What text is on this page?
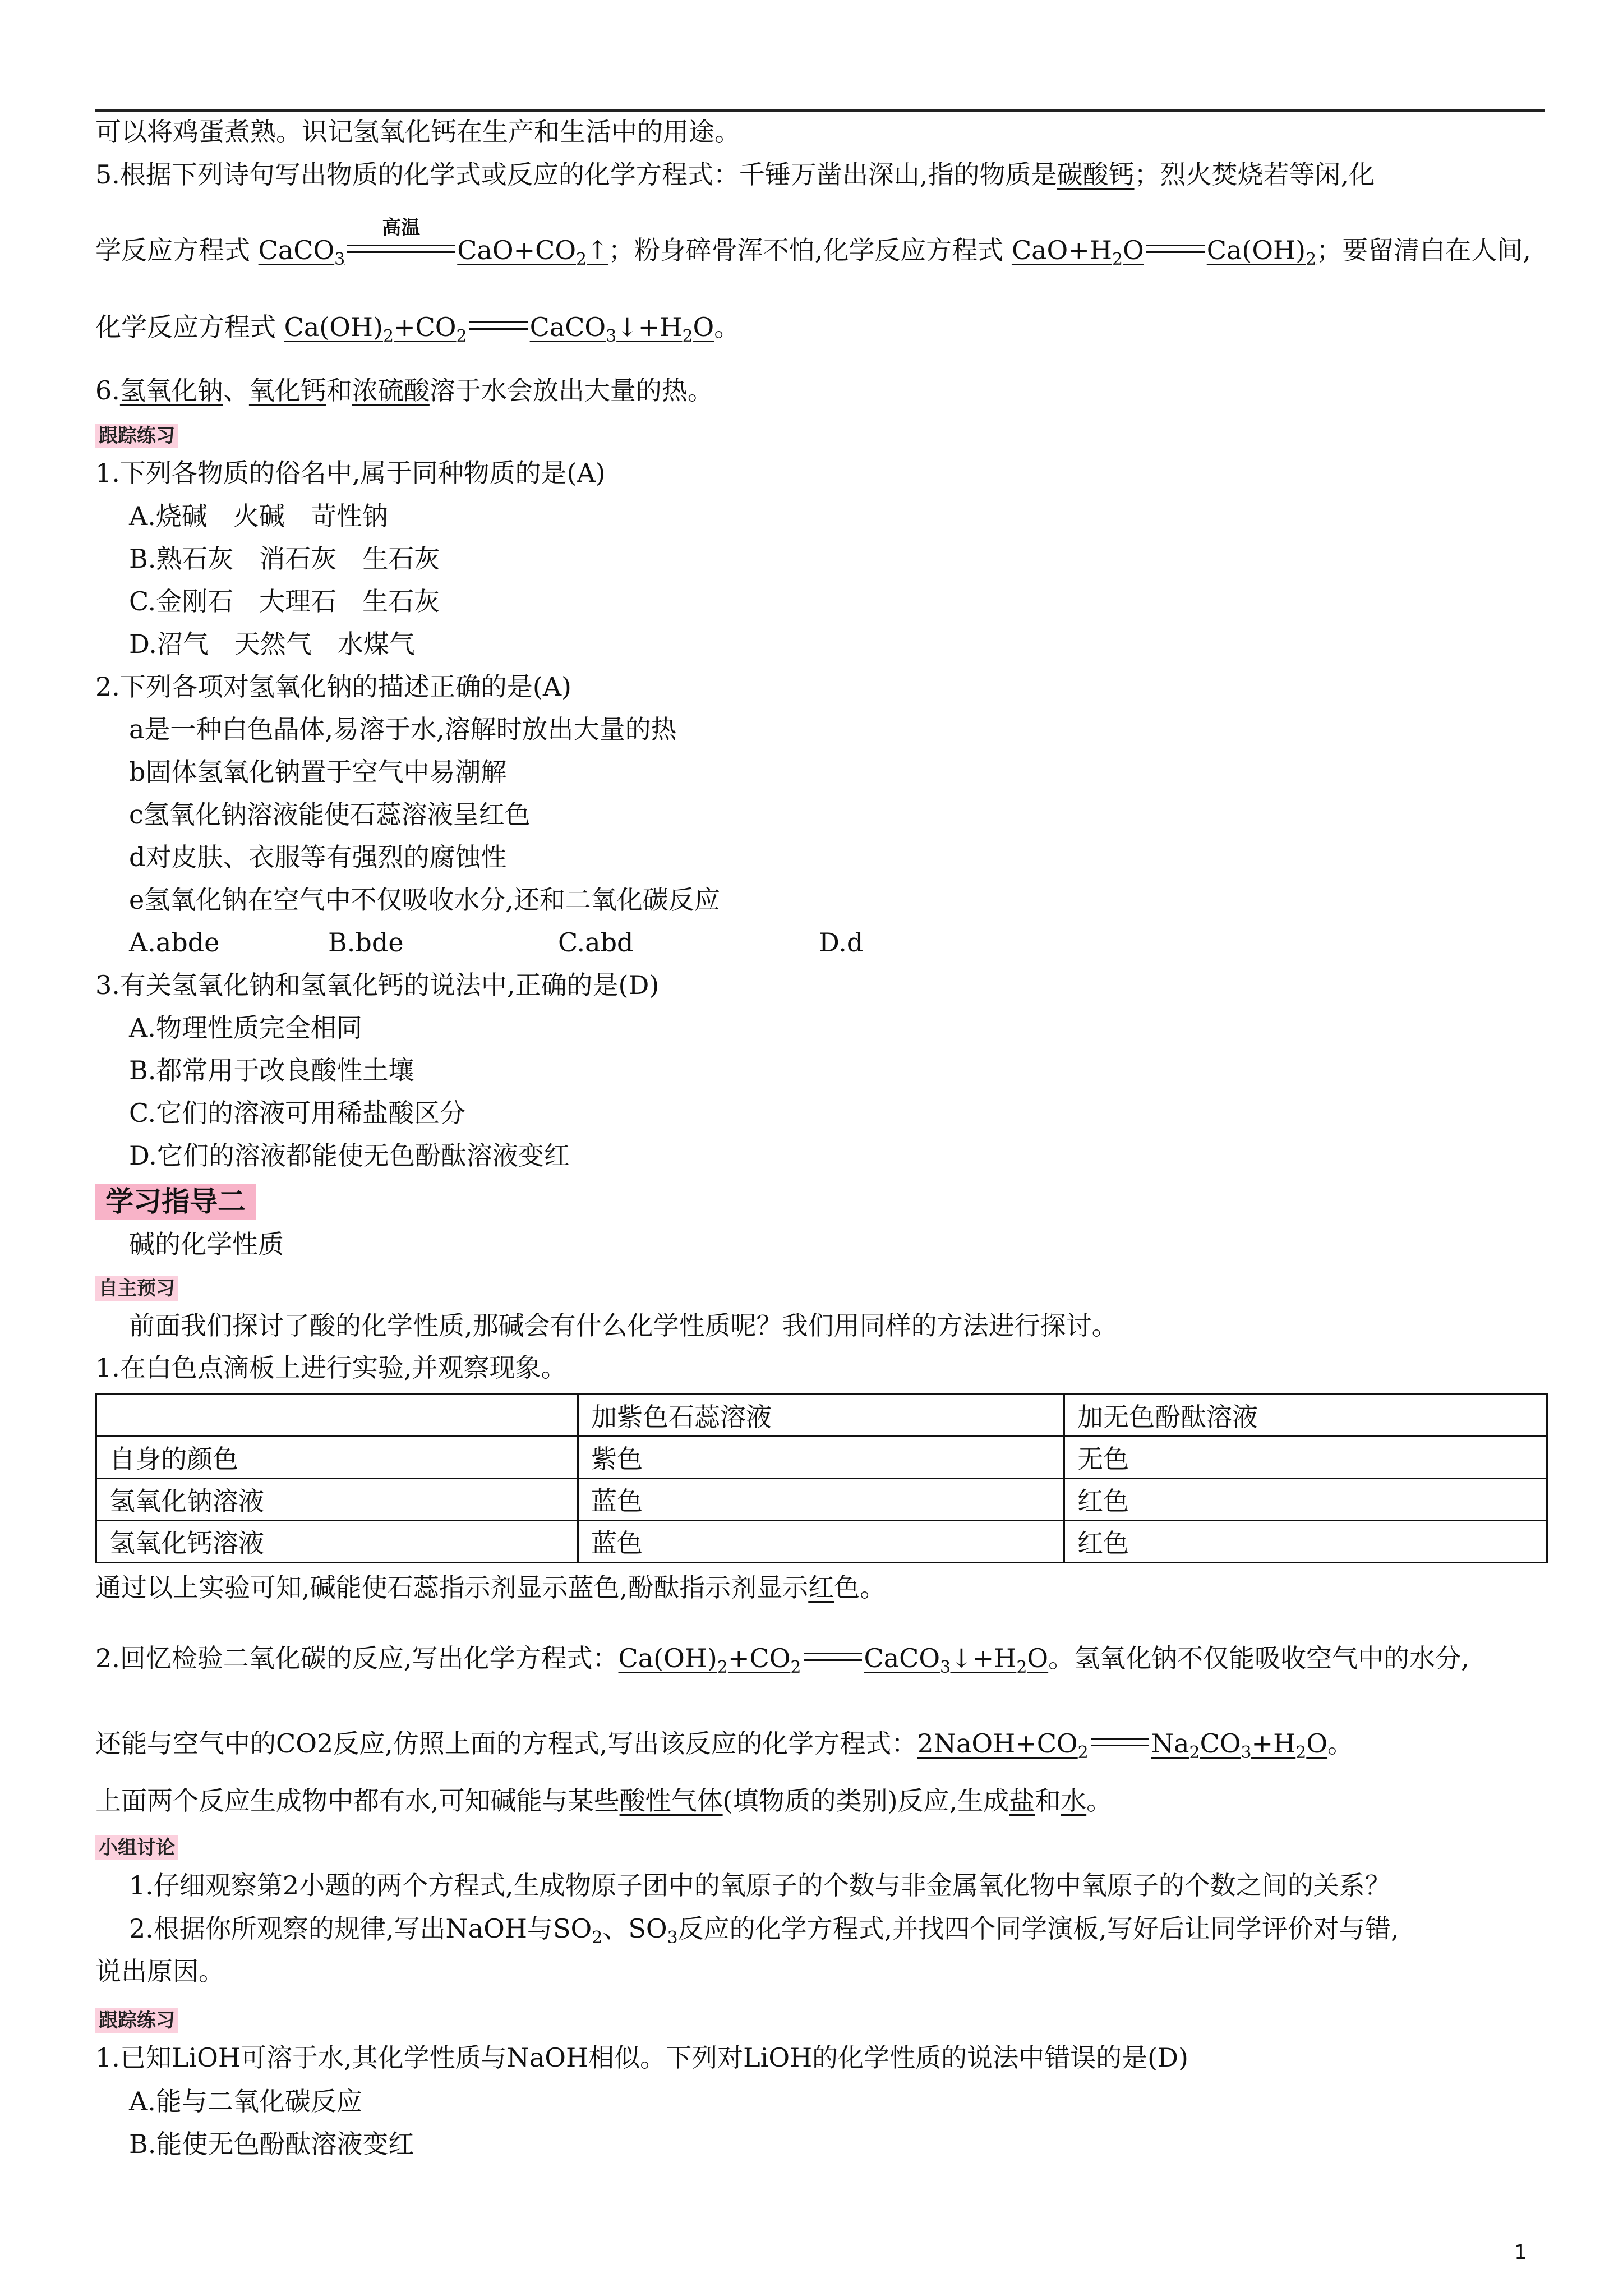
可以将鸡蛋煮熟。识记氢氧化钙在生产和生活中的用途。
5.根据下列诗句写出物质的化学式或反应的化学方程式：千锤万凿出深山,指的物质是碳酸钙；烈火焚烧若等闲,化
学反应方程式 CaCO$_3$
高温
$CaO+CO_2↑$；粉身碎骨浑不怕,化学反应方程式 $CaO+H_2O$ $Ca(OH)_2$；要留清白在人间,
化学反应方程式 $Ca(OH)_2+CO_2$ $CaCO_3↓+H_2O$。
6.氢氧化钠、氧化钙和浓硫酸溶于水会放出大量的热。
跟踪练习
1.下列各物质的俗名中,属于同种物质的是(A)
A.烧碱　火碱　苛性钠
B.熟石灰　消石灰　生石灰
C.金刚石　大理石　生石灰
D.沼气　天然气　水煤气
2.下列各项对氢氧化钠的描述正确的是(A)
a是一种白色晶体,易溶于水,溶解时放出大量的热
b固体氢氧化钠置于空气中易潮解
c氢氧化钠溶液能使石蕊溶液呈红色
d对皮肤、衣服等有强烈的腐蚀性
e氢氧化钠在空气中不仅吸收水分,还和二氧化碳反应
A.abde	B.bde	C.abd	D.d
3.有关氢氧化钠和氢氧化钙的说法中,正确的是(D)
A.物理性质完全相同
B.都常用于改良酸性土壤
C.它们的溶液可用稀盐酸区分
D.它们的溶液都能使无色酚酞溶液变红
学习指导二
碱的化学性质
自主预习
前面我们探讨了酸的化学性质,那碱会有什么化学性质呢？我们用同样的方法进行探讨。
1.在白色点滴板上进行实验,并观察现象。
	加紫色石蕊溶液	加无色酚酞溶液
自身的颜色	紫色	无色
氢氧化钠溶液	蓝色	红色
氢氧化钙溶液	蓝色	红色
通过以上实验可知,碱能使石蕊指示剂显示蓝色,酚酞指示剂显示红色。
2.回忆检验二氧化碳的反应,写出化学方程式：$Ca(OH)_2+CO_2$ $CaCO_3↓+H_2O$。氢氧化钠不仅能吸收空气中的水分,
还能与空气中的CO2反应,仿照上面的方程式,写出该反应的化学方程式：$2NaOH+CO_2$ $Na_2CO_3+H_2O$。
上面两个反应生成物中都有水,可知碱能与某些酸性气体(填物质的类别)反应,生成盐和水。
小组讨论
1.仔细观察第2小题的两个方程式,生成物原子团中的氧原子的个数与非金属氧化物中氧原子的个数之间的关系？
2.根据你所观察的规律,写出NaOH与$SO_2$、$SO_3$反应的化学方程式,并找四个同学演板,写好后让同学评价对与错,
说出原因。
跟踪练习
1.已知LiOH可溶于水,其化学性质与NaOH相似。下列对LiOH的化学性质的说法中错误的是(D)
A.能与二氧化碳反应
B.能使无色酚酞溶液变红
1
